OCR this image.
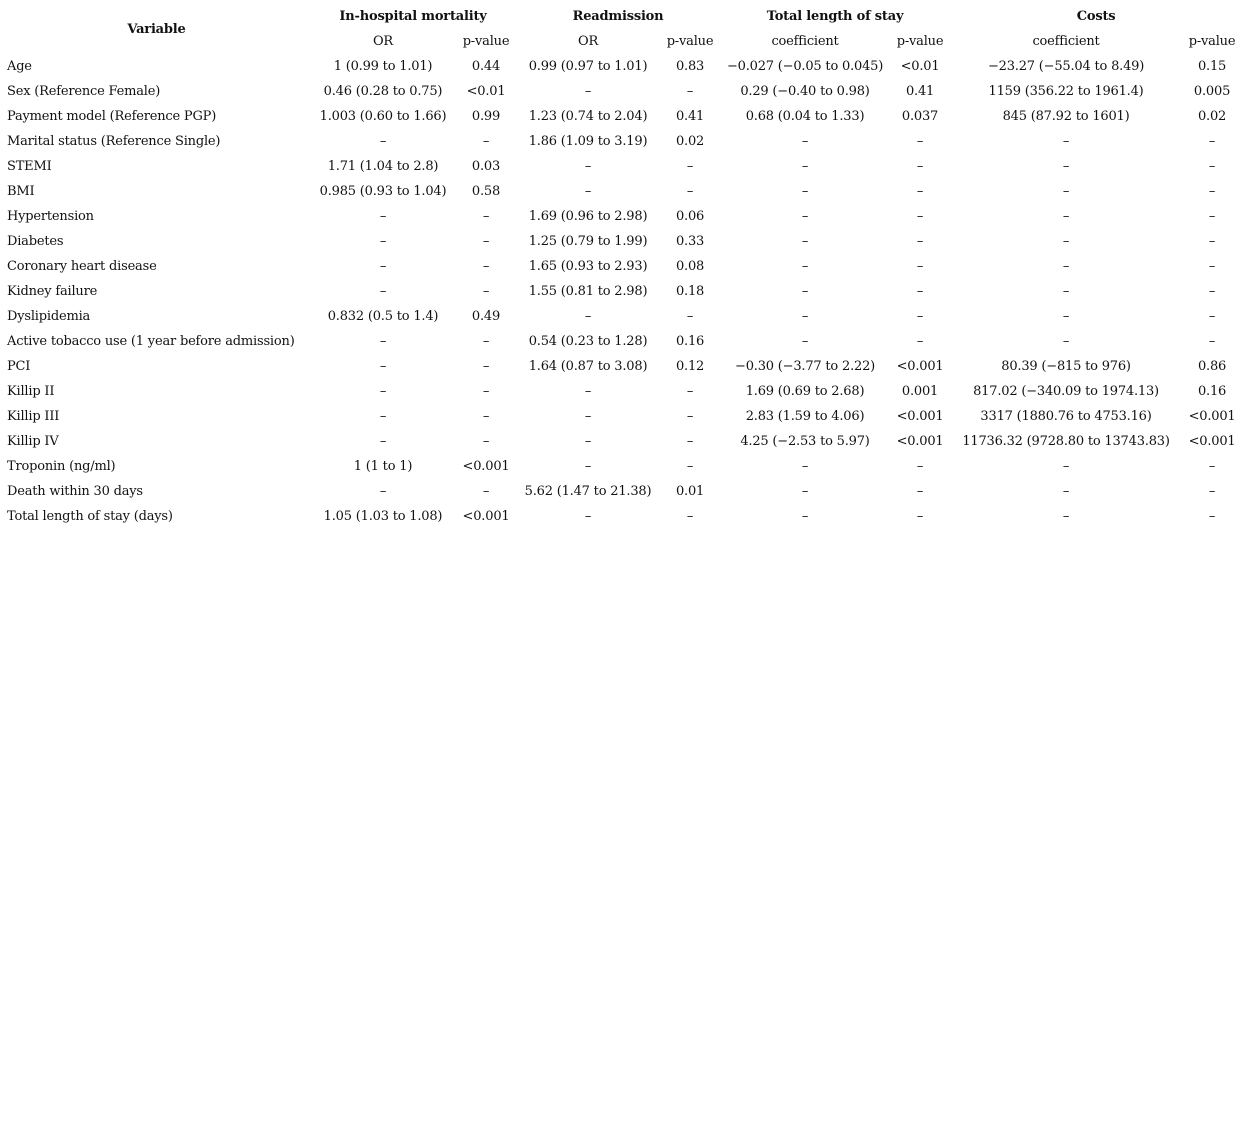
Variable	In-hospital mortality		Readmission		Total length of stay		Costs	
	OR	p-value	OR	p-value	coefficient	p-value	coefficient	p-value
Age	1 (0.99 to 1.01)	0.44	0.99 (0.97 to 1.01)	0.83	−0.027 (−0.05 to 0.045)	<0.01	−23.27 (−55.04 to 8.49)	0.15
Sex (Reference Female)	0.46 (0.28 to 0.75)	<0.01	–	–	0.29 (−0.40 to 0.98)	0.41	1159 (356.22 to 1961.4)	0.005
Payment model (Reference PGP)	1.003 (0.60 to 1.66)	0.99	1.23 (0.74 to 2.04)	0.41	0.68 (0.04 to 1.33)	0.037	845 (87.92 to 1601)	0.02
Marital status (Reference Single)	–	–	1.86 (1.09 to 3.19)	0.02	–	–	–	–
STEMI	1.71 (1.04 to 2.8)	0.03	–	–	–	–	–	–
BMI	0.985 (0.93 to 1.04)	0.58	–	–	–	–	–	–
Hypertension	–	–	1.69 (0.96 to 2.98)	0.06	–	–	–	–
Diabetes	–	–	1.25 (0.79 to 1.99)	0.33	–	–	–	–
Coronary heart disease	–	–	1.65 (0.93 to 2.93)	0.08	–	–	–	–
Kidney failure	–	–	1.55 (0.81 to 2.98)	0.18	–	–	–	–
Dyslipidemia	0.832 (0.5 to 1.4)	0.49	–	–	–	–	–	–
Active tobacco use (1 year before admission)	–	–	0.54 (0.23 to 1.28)	0.16	–	–	–	–
PCI	–	–	1.64 (0.87 to 3.08)	0.12	−0.30 (−3.77 to 2.22)	<0.001	80.39 (−815 to 976)	0.86
Killip II	–	–	–	–	1.69 (0.69 to 2.68)	0.001	817.02 (−340.09 to 1974.13)	0.16
Killip III	–	–	–	–	2.83 (1.59 to 4.06)	<0.001	3317 (1880.76 to 4753.16)	<0.001
Killip IV	–	–	–	–	4.25 (−2.53 to 5.97)	<0.001	11736.32 (9728.80 to 13743.83)	<0.001
Troponin (ng/ml)	1 (1 to 1)	<0.001	–	–	–	–	–	–
Death within 30 days	–	–	5.62 (1.47 to 21.38)	0.01	–	–	–	–
Total length of stay (days)	1.05 (1.03 to 1.08)	<0.001	–	–	–	–	–	–
